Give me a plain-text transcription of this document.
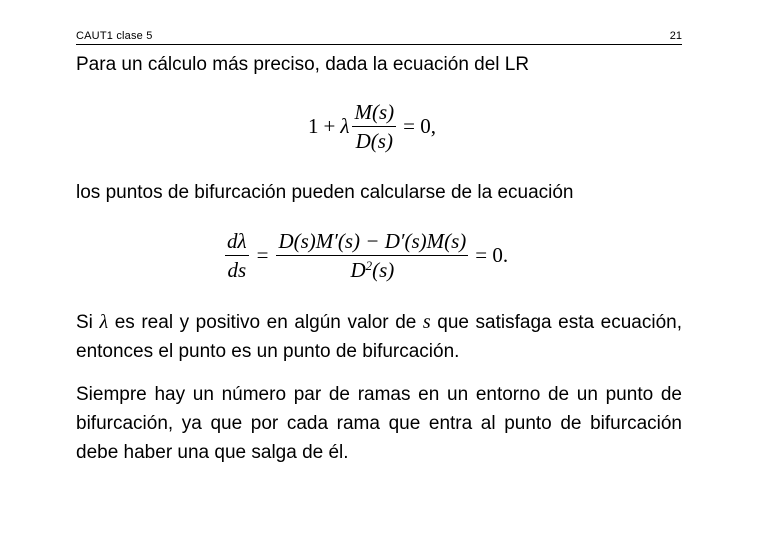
CAUT1 clase 5	21
Para un cálculo más preciso, dada la ecuación del LR
1 + λ $\frac{M(s)}{D(s)} = 0$,
los puntos de bifurcación pueden calcularse de la ecuación
$\frac{d\lambda}{ds} = \frac{D(s)M'(s) - D'(s)M(s)}{D^2(s)} = 0$.
Si λ es real y positivo en algún valor de s que satisfaga esta ecuación, entonces el punto es un punto de bifurcación.
Siempre hay un número par de ramas en un entorno de un punto de bifurcación, ya que por cada rama que entra al punto de bifurcación debe haber una que salga de él.
